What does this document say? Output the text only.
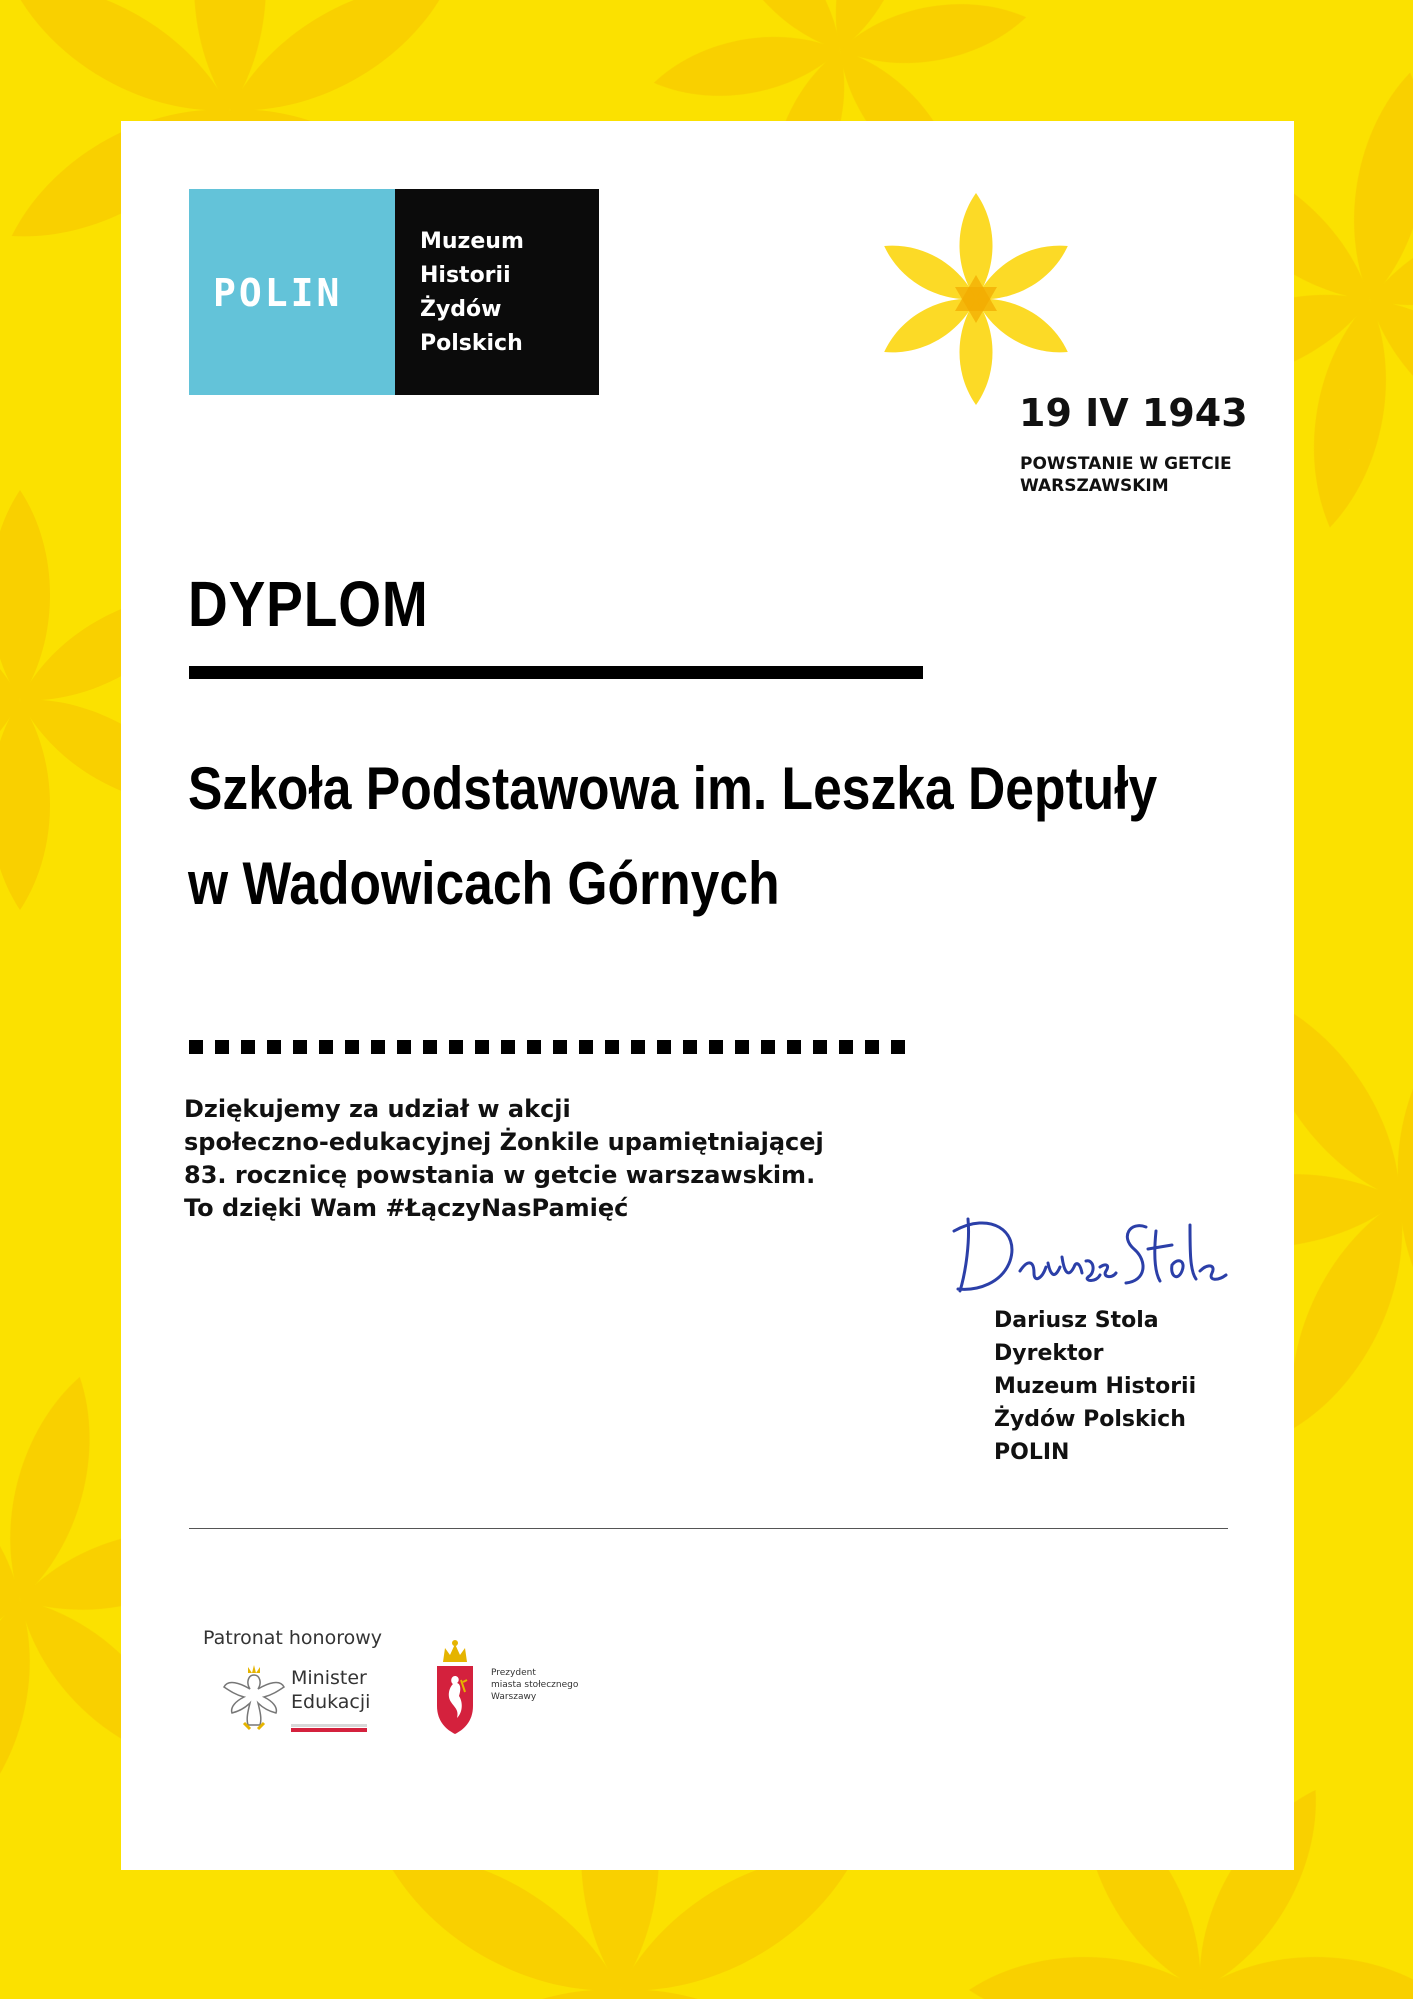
POLIN
Muzeum
Historii
Żydów
Polskich
19 IV 1943
POWSTANIE W GETCIE
WARSZAWSKIM
DYPLOM
Szkoła Podstawowa im. Leszka Deptuły
w Wadowicach Górnych
Dziękujemy za udział w akcji
społeczno-edukacyjnej Żonkile upamiętniającej
83. rocznicę powstania w getcie warszawskim.
To dzięki Wam #ŁączyNasPamięć
Dariusz Stola
Dyrektor
Muzeum Historii
Żydów Polskich
POLIN
Patronat honorowy
Minister
Edukacji
Prezydent
miasta stołecznego
Warszawy
